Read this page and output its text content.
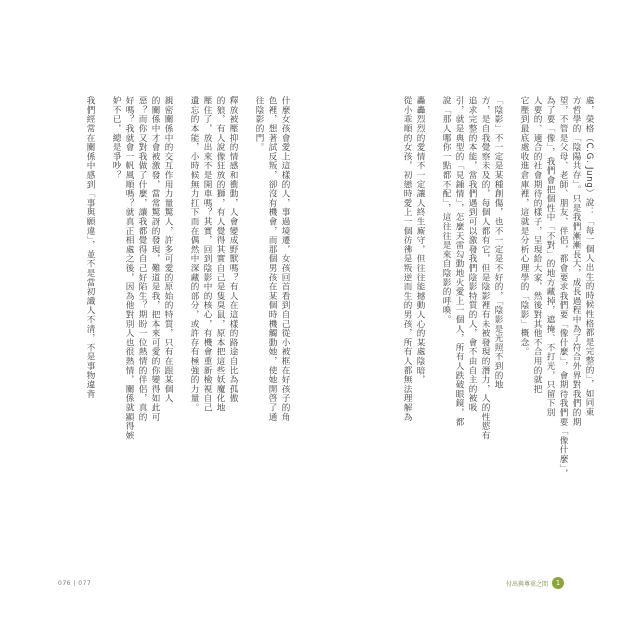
處，榮格（C.G. Jung）說：「每一個人出生的時候性格都是完整的」，如同東
方哲學的「陰陽共存」。只是我們漸漸長大，成長過程中為了符合外界對我們的期
望，不管是父母、老師、朋友、伴侶，都會要求我們要「像什麼」，會期待我們要「像什麼」，
為了要「像」，我們會把個性中「不對」的地方藏掉，遮掩、不打光，只留下別
人要的、適合的社會期待的樣子，呈現給大家，然後對其他不合用的就把
它壓到最底處收進倉庫裡，這就是分析心理學的「陰影」概念。
「陰影」不一定是某種創傷，也不一定是不好的，「陰影是光照不到的地
方，是自我覺察未及的，每個人都有它，但是陰影裡有未被發現的潛力，人的性慾有
追求完整的本能，當我們遇到可以激發我們陰影特質的人，會不由自主的被吸
引，就是典型的「見鍾情」，怎麼天雷勾動地火愛上一個人，所有人跌破眼鏡，都
說「那人哪你一點都不配」，這往往是來自陰影的呼喚。
轟轟烈烈的愛情不一定讓人終生廝守，但往往能撼動人心的某處陰暗，
從小乖順的女孩，初戀時愛上一個彷彿是叛逆而生的男孩，所有人都無法理解為
什麼女孩會愛上這樣的人，事過境遷，女孩回首看到自己從小被框在好孩子的角
色裡，想著試反叛，卻沒有機會，而那個男孩在某個時機觸動她，使她開啓了通
往陰影的門。
釋放被壓抑的情感和衝動，人會變成野獸嗎？有人在這樣的路途自比為孤傲
的狼，有人說像狂放的獅，有人覺得其實自己是隻臭鼠，原本把這些妖魔化地
壓住了，放出來不是開車嗎？其實，回到陰影中的核心，有機會重新檢視自己
遺忘的本能，小時候無力扛下而在偶然中深藏的部分，或許存有極強的力量。
親密關係中的交互作用力量驚人，許多可愛的原始的特質，只有在跟某個人
的關係中才會被激發，當常驚訝的發現，難道是我，把本來可愛的你變得如此可
惡？而你又對我做了什麼，讓我都覺得自己好陷生？期盼一位熱情的伴侶，真的
好嗎？我就會一帆風順嗎？就真正相處之後，因為他對別人也很熱情，關係就顯得嫉
妒不已，總是爭吵？
我們經常在關係中感到「事與願違」，並不是當初識人不清，不是事物違背
076 | 077	付出與尊重之間	1
